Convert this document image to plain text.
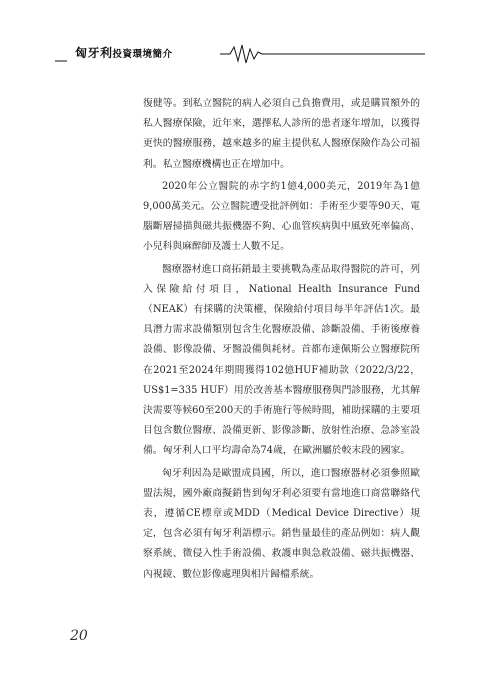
匈牙利投資環境簡介

復健等。到私立醫院的病人必須自己負擔費用，或是購買額外的私人醫療保險，近年來，選擇私人診所的患者逐年增加，以獲得更快的醫療服務，越來越多的雇主提供私人醫療保險作為公司福利。私立醫療機構也正在增加中。

2020年公立醫院的赤字約1億4,000美元，2019年為1億9,000萬美元。公立醫院遭受批評例如：手術至少要等90天、電腦斷層掃描與磁共振機器不夠、心血管疾病與中風致死率偏高、小兒科與麻醉師及護士人數不足。

醫療器材進口商拓銷最主要挑戰為產品取得醫院的許可，列入保險給付項目，National Health Insurance Fund（NEAK）有採購的決策權，保險給付項目每半年評估1次。最具潛力需求設備類別包含生化醫療設備、診斷設備、手術後療養設備、影像設備、牙醫設備與耗材。首都布達佩斯公立醫療院所在2021至2024年期間獲得102億HUF補助款（2022/3/22，US$1=335 HUF）用於改善基本醫療服務與門診服務，尤其解決需要等候60至200天的手術施行等候時間，補助採購的主要項目包含數位醫療、設備更新、影像診斷、放射性治療、急診室設備。匈牙利人口平均壽命為74歲，在歐洲屬於較末段的國家。

匈牙利因為是歐盟成員國，所以，進口醫療器材必須參照歐盟法規，國外廠商擬銷售到匈牙利必須要有當地進口商當聯絡代表，遵循CE標章或MDD（Medical Device Directive）規定，包含必須有匈牙利語標示。銷售量最佳的產品例如：病人觀察系統、微侵入性手術設備、救護車與急救設備、磁共振機器、內視鏡、數位影像處理與相片歸檔系統。

20
